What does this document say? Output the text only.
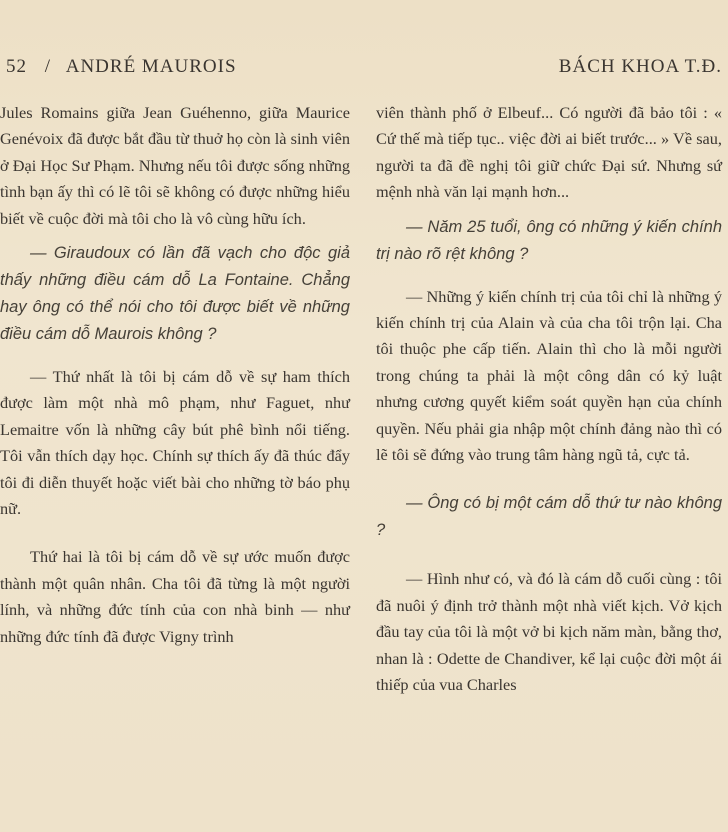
52 / ANDRÉ MAUROIS	BÁCH KHOA T.Đ.

Jules Romains giữa Jean Guéhenno, giữa Maurice Genévoix đã được bắt đầu từ thuở họ còn là sinh viên ở Đại Học Sư Phạm. Nhưng nếu tôi được sống những tình bạn ấy thì có lẽ tôi sẽ không có được những hiểu biết về cuộc đời mà tôi cho là vô cùng hữu ích.

— Giraudoux có lần đã vạch cho độc giả thấy những điều cám dỗ La Fontaine. Chẳng hay ông có thể nói cho tôi được biết về những điều cám dỗ Maurois không ?

— Thứ nhất là tôi bị cám dỗ về sự ham thích được làm một nhà mô phạm, như Faguet, như Lemaitre vốn là những cây bút phê bình nổi tiếng. Tôi vẫn thích dạy học. Chính sự thích ấy đã thúc đẩy tôi đi diễn thuyết hoặc viết bài cho những tờ báo phụ nữ.

Thứ hai là tôi bị cám dỗ về sự ước muốn được thành một quân nhân. Cha tôi đã từng là một người lính, và những đức tính của con nhà binh — như những đức tính đã được Vigny trình

viên thành phố ở Elbeuf... Có người đã bảo tôi : « Cứ thế mà tiếp tục.. việc đời ai biết trước... » Về sau, người ta đã đề nghị tôi giữ chức Đại sứ. Nhưng sứ mệnh nhà văn lại mạnh hơn...

— Năm 25 tuổi, ông có những ý kiến chính trị nào rõ rệt không ?

— Những ý kiến chính trị của tôi chỉ là những ý kiến chính trị của Alain và của cha tôi trộn lại. Cha tôi thuộc phe cấp tiến. Alain thì cho là mỗi người trong chúng ta phải là một công dân có kỷ luật nhưng cương quyết kiểm soát quyền hạn của chính quyền. Nếu phải gia nhập một chính đảng nào thì có lẽ tôi sẽ đứng vào trung tâm hàng ngũ tả, cực tả.

— Ông có bị một cám dỗ thứ tư nào không ?

— Hình như có, và đó là cám dỗ cuối cùng : tôi đã nuôi ý định trở thành một nhà viết kịch. Vở kịch đầu tay của tôi là một vở bi kịch năm màn, bằng thơ, nhan là : Odette de Chandiver, kể lại cuộc đời một ái thiếp của vua Charles
